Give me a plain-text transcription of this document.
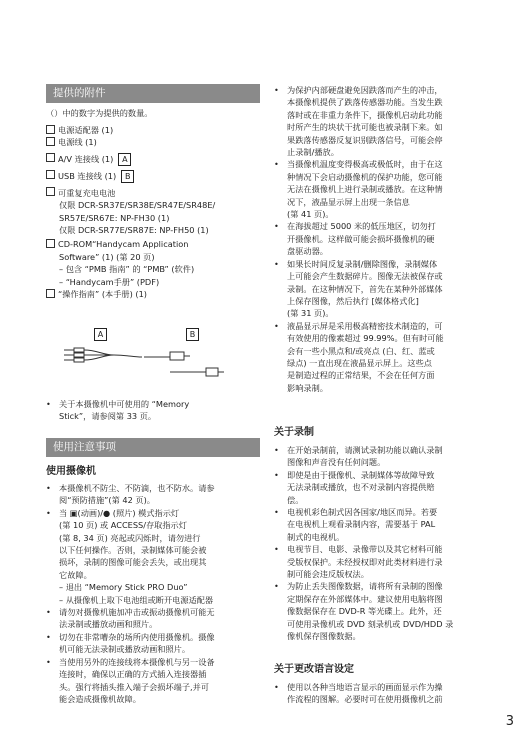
提供的附件
（）中的数字为提供的数量。
电源适配器 (1)
电源线 (1)
A/V 连接线 (1) A
USB 连接线 (1) B
可重复充电电池
仅限 DCR-SR37E/SR38E/SR47E/SR48E/
SR57E/SR67E: NP-FH30 (1)
仅限 DCR-SR77E/SR87E: NP-FH50 (1)
CD-ROM“Handycam Application
Software” (1) (第 20 页)
– 包含 “PMB 指南” 的 “PMB” (软件)
– “Handycam手册” (PDF)
“操作指南” (本手册) (1)
A	B
• 关于本摄像机中可使用的 “Memory
Stick”，请参阅第 33 页。
使用注意事项
使用摄像机
• 本摄像机不防尘、不防滴，也不防水。请参
阅“预防措施”(第 42 页)。
• 当 ▣(动画)/● (照片) 模式指示灯
(第 10 页) 或 ACCESS/存取指示灯
(第 8, 34 页) 亮起或闪烁时，请勿进行
以下任何操作。否则，录制媒体可能会被
损坏，录制的图像可能会丢失，或出现其
它故障。
– 退出 “Memory Stick PRO Duo”
– 从摄像机上取下电池组或断开电源适配器
• 请勿对摄像机施加冲击或振动摄像机可能无
法录制或播放动画和照片。
• 切勿在非常嘈杂的场所内使用摄像机。摄像
机可能无法录制或播放动画和照片。
• 当使用另外的连接线将本摄像机与另一设备
连接时，确保以正确的方式插入连接器插
头。强行将插头推入端子会损坏端子,并可
能会造成摄像机故障。
• 为保护内部硬盘避免因跌落而产生的冲击，
本摄像机提供了跌落传感器功能。当发生跌
落时或在非重力条件下，摄像机启动此功能
时所产生的块状干扰可能也被录制下来。如
果跌落传感器反复识别跌落信号，可能会停
止录制/播放。
• 当摄像机温度变得极高或极低时，由于在这
种情况下会启动摄像机的保护功能，您可能
无法在摄像机上进行录制或播放。在这种情
况下，液晶显示屏上出现一条信息
(第 41 页)。
• 在海拔超过 5000 米的低压地区，切勿打
开摄像机。这样做可能会损坏摄像机的硬
盘驱动器。
• 如果长时间反复录制/删除图像，录制媒体
上可能会产生数据碎片。图像无法被保存或
录制。在这种情况下，首先在某种外部媒体
上保存图像，然后执行 [媒体格式化]
(第 31 页)。
• 液晶显示屏是采用极高精密技术制造的，可
有效使用的像素超过 99.99%。但有时可能
会有一些小黑点和/或亮点 (白、红、蓝或
绿点) 一直出现在液晶显示屏上。这些点
是制造过程的正常结果，不会在任何方面
影响录制。
关于录制
• 在开始录制前，请测试录制功能以确认录制
图像和声音没有任何问题。
• 即使是由于摄像机、录制媒体等故障导致
无法录制或播放，也不对录制内容提供赔
偿。
• 电视机彩色制式因各国家/地区而异。若要
在电视机上观看录制内容，需要基于 PAL
制式的电视机。
• 电视节目、电影、录像带以及其它材料可能
受版权保护。未经授权即对此类材料进行录
制可能会违反版权法。
• 为防止丢失图像数据，请将所有录制的图像
定期保存在外部媒体中。建议使用电脑将图
像数据保存在 DVD-R 等光碟上。此外，还
可使用录像机或 DVD 刻录机或 DVD/HDD 录
像机保存图像数据。
关于更改语言设定
• 使用以各种当地语言显示的画面显示作为操
作流程的图解。必要时可在使用摄像机之前
3
